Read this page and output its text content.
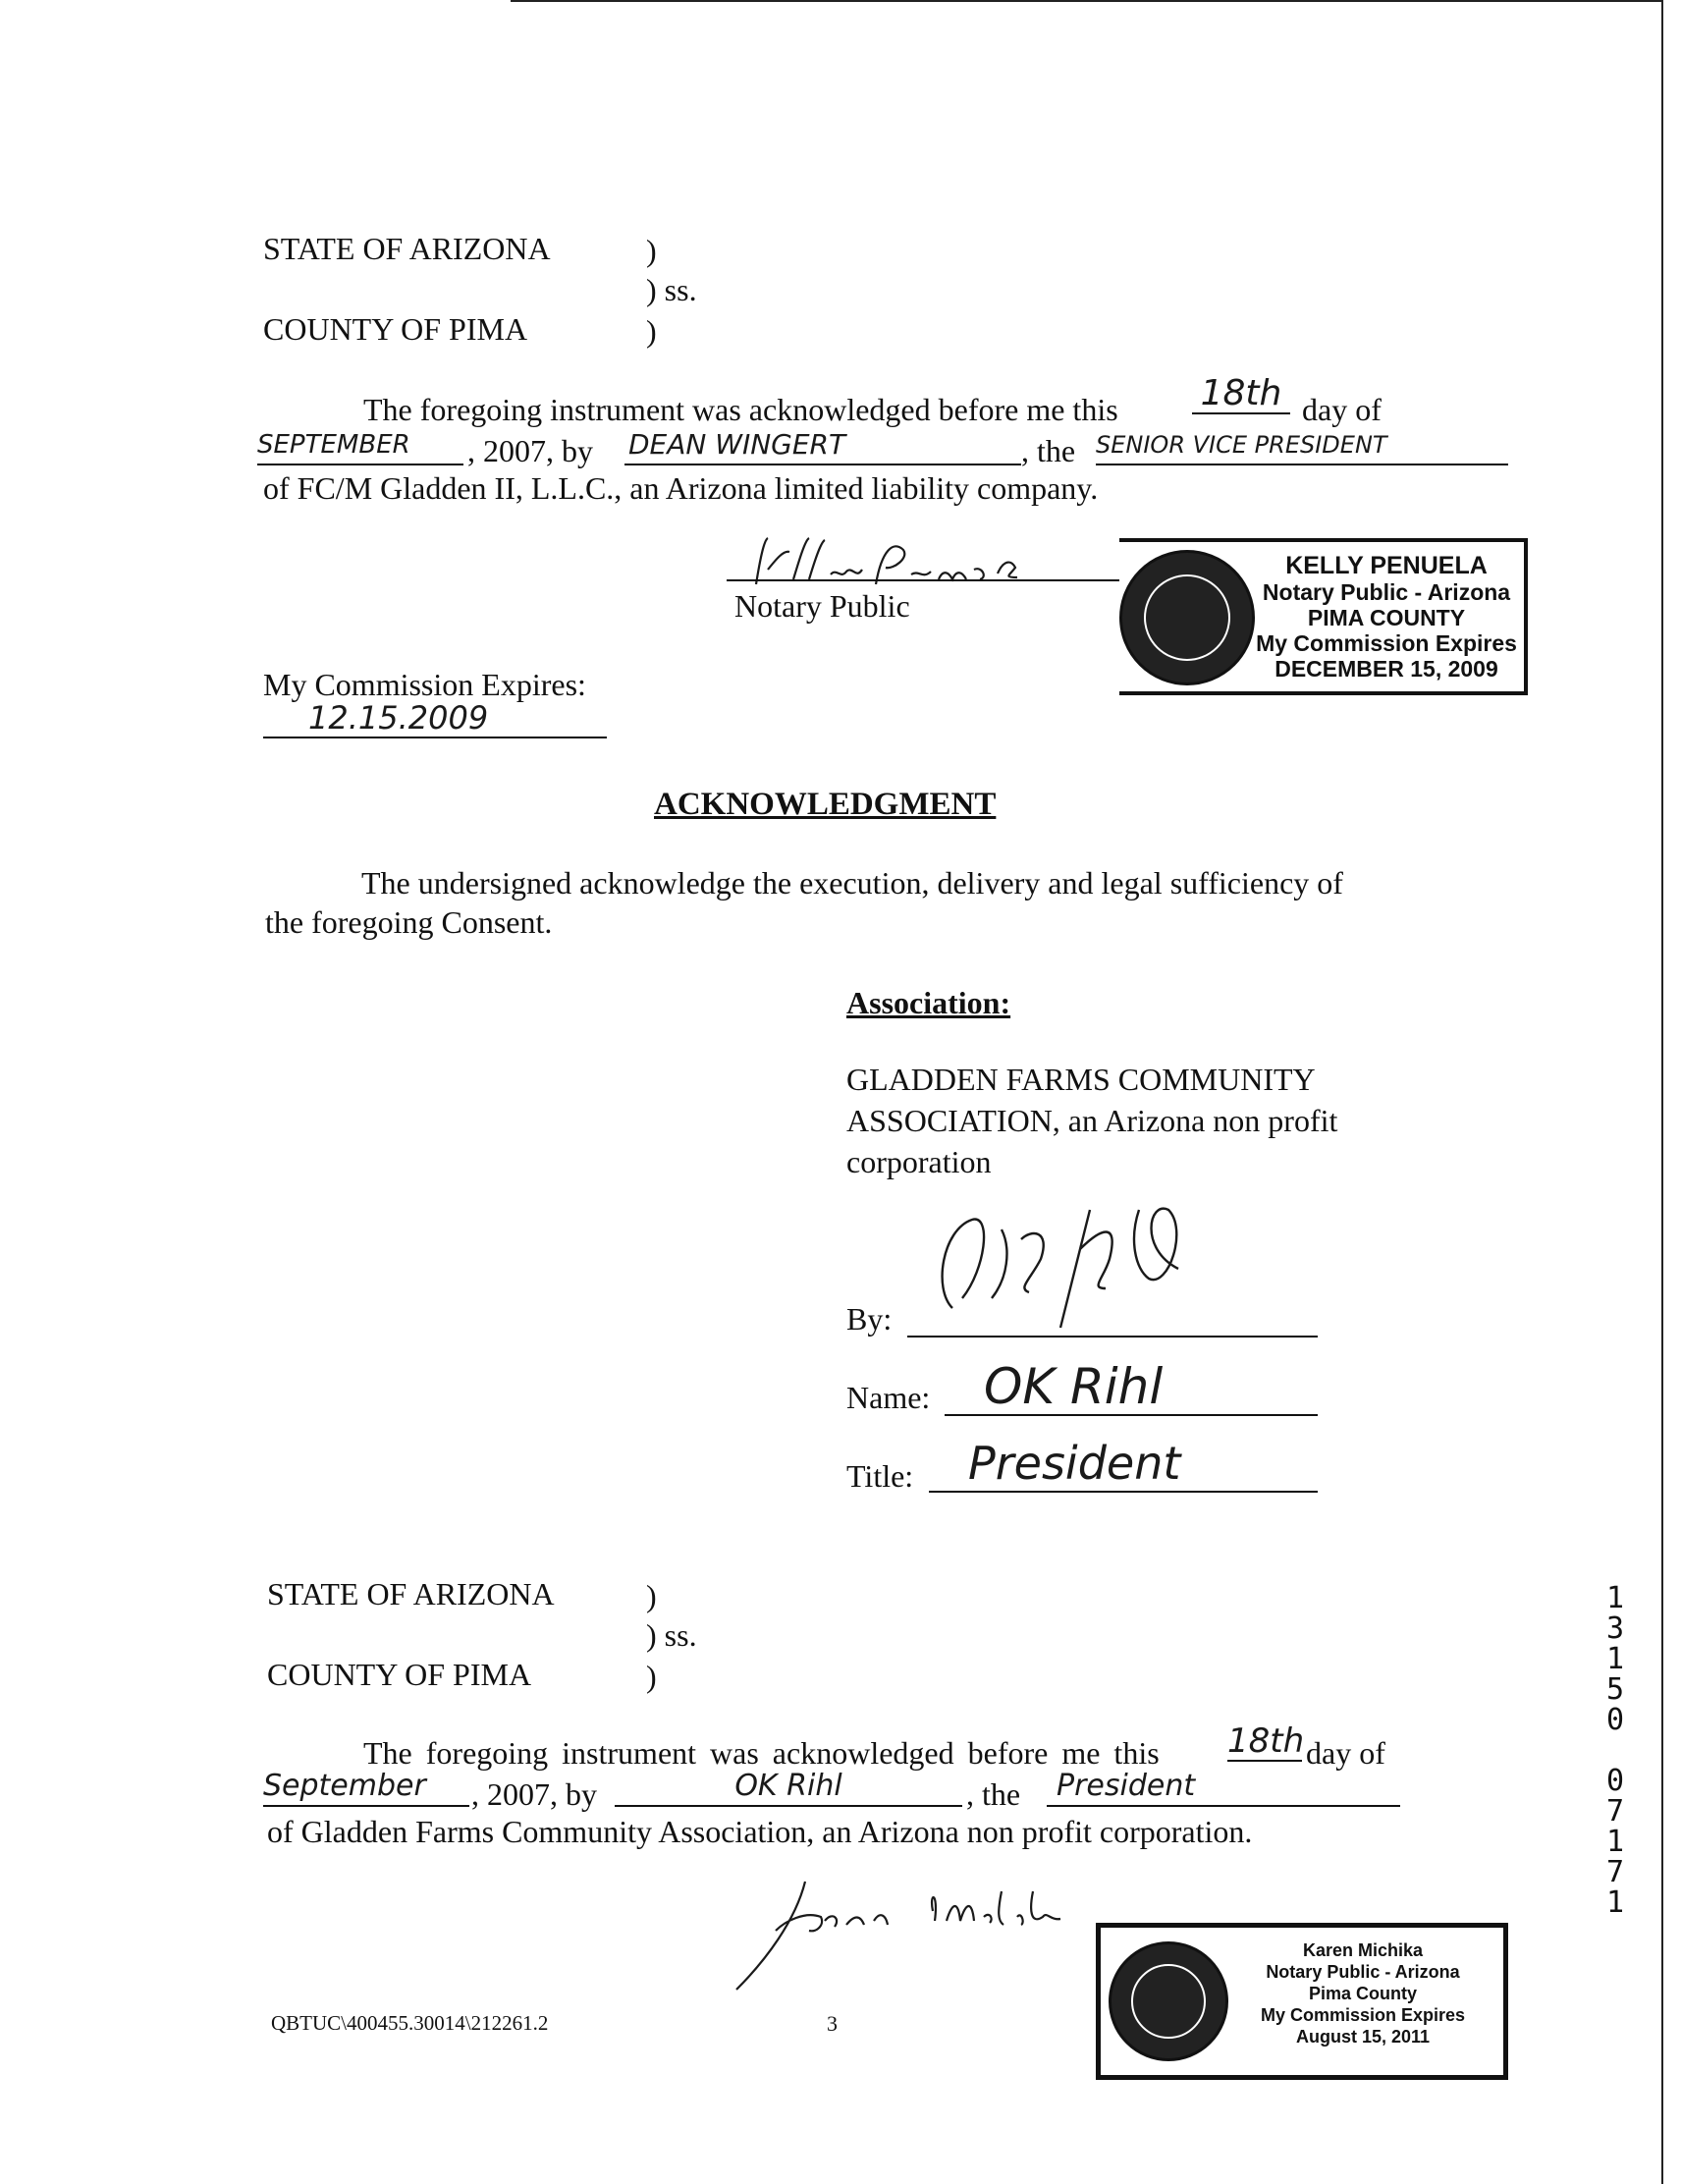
STATE OF ARIZONA	)
) ss.
COUNTY OF PIMA	)
The foregoing instrument was acknowledged before me this 18th day of
SEPTEMBER	, 2007, by DEAN WINGERT	, the SENIOR VICE PRESIDENT
of FC/M Gladden II, L.L.C., an Arizona limited liability company.
Notary Public
KELLY PENUELA
Notary Public - Arizona
PIMA COUNTY
My Commission Expires
DECEMBER 15, 2009
My Commission Expires:
12.15.2009
ACKNOWLEDGMENT
The undersigned acknowledge the execution, delivery and legal sufficiency of
the foregoing Consent.
Association:
GLADDEN FARMS COMMUNITY
ASSOCIATION, an Arizona non profit
corporation
By:
Name:	OK Rihl
Title:	President
STATE OF ARIZONA	)
) ss.
COUNTY OF PIMA	)
The foregoing instrument was acknowledged before me this 18th day of
September	, 2007, by	OK Rihl	, the	President
of Gladden Farms Community Association, an Arizona non profit corporation.
Karen Michika
Notary Public - Arizona
Pima County
My Commission Expires
August 15, 2011
QBTUC\400455.30014\212261.2	3
1
3
1
5
0
0
7
1
7
1
